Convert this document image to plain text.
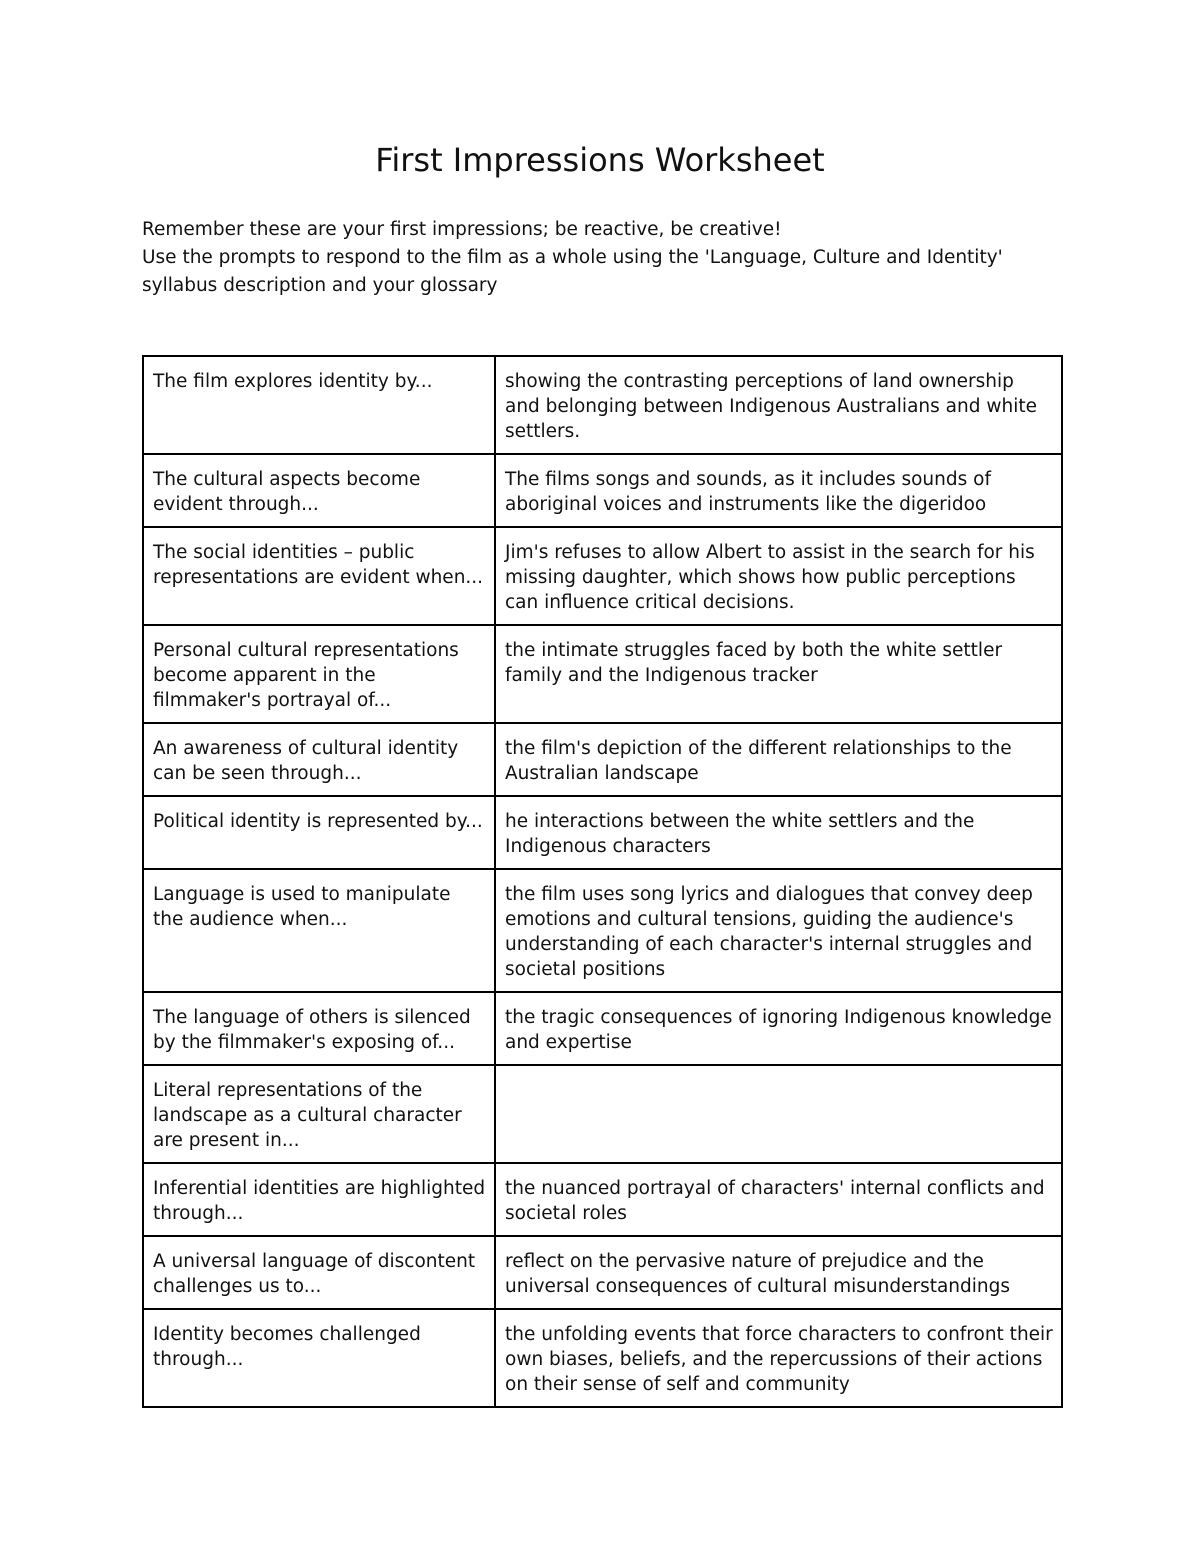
First Impressions Worksheet

Remember these are your first impressions; be reactive, be creative!

Use the prompts to respond to the film as a whole using the 'Language, Culture and Identity' syllabus description and your glossary

The film explores identity by...	showing the contrasting perceptions of land ownership and belonging between Indigenous Australians and white settlers.
The cultural aspects become evident through...	The films songs and sounds, as it includes sounds of aboriginal voices and instruments like the digeridoo
The social identities – public representations are evident when...	Jim's refuses to allow Albert to assist in the search for his missing daughter, which shows how public perceptions can influence critical decisions.
Personal cultural representations become apparent in the filmmaker's portrayal of...	the intimate struggles faced by both the white settler family and the Indigenous tracker
An awareness of cultural identity can be seen through...	the film's depiction of the different relationships to the Australian landscape
Political identity is represented by...	he interactions between the white settlers and the Indigenous characters
Language is used to manipulate the audience when...	the film uses song lyrics and dialogues that convey deep emotions and cultural tensions, guiding the audience's understanding of each character's internal struggles and societal positions
The language of others is silenced by the filmmaker's exposing of...	the tragic consequences of ignoring Indigenous knowledge and expertise
Literal representations of the landscape as a cultural character are present in...	
Inferential identities are highlighted through...	the nuanced portrayal of characters' internal conflicts and societal roles
A universal language of discontent challenges us to...	reflect on the pervasive nature of prejudice and the universal consequences of cultural misunderstandings
Identity becomes challenged through...	the unfolding events that force characters to confront their own biases, beliefs, and the repercussions of their actions on their sense of self and community
